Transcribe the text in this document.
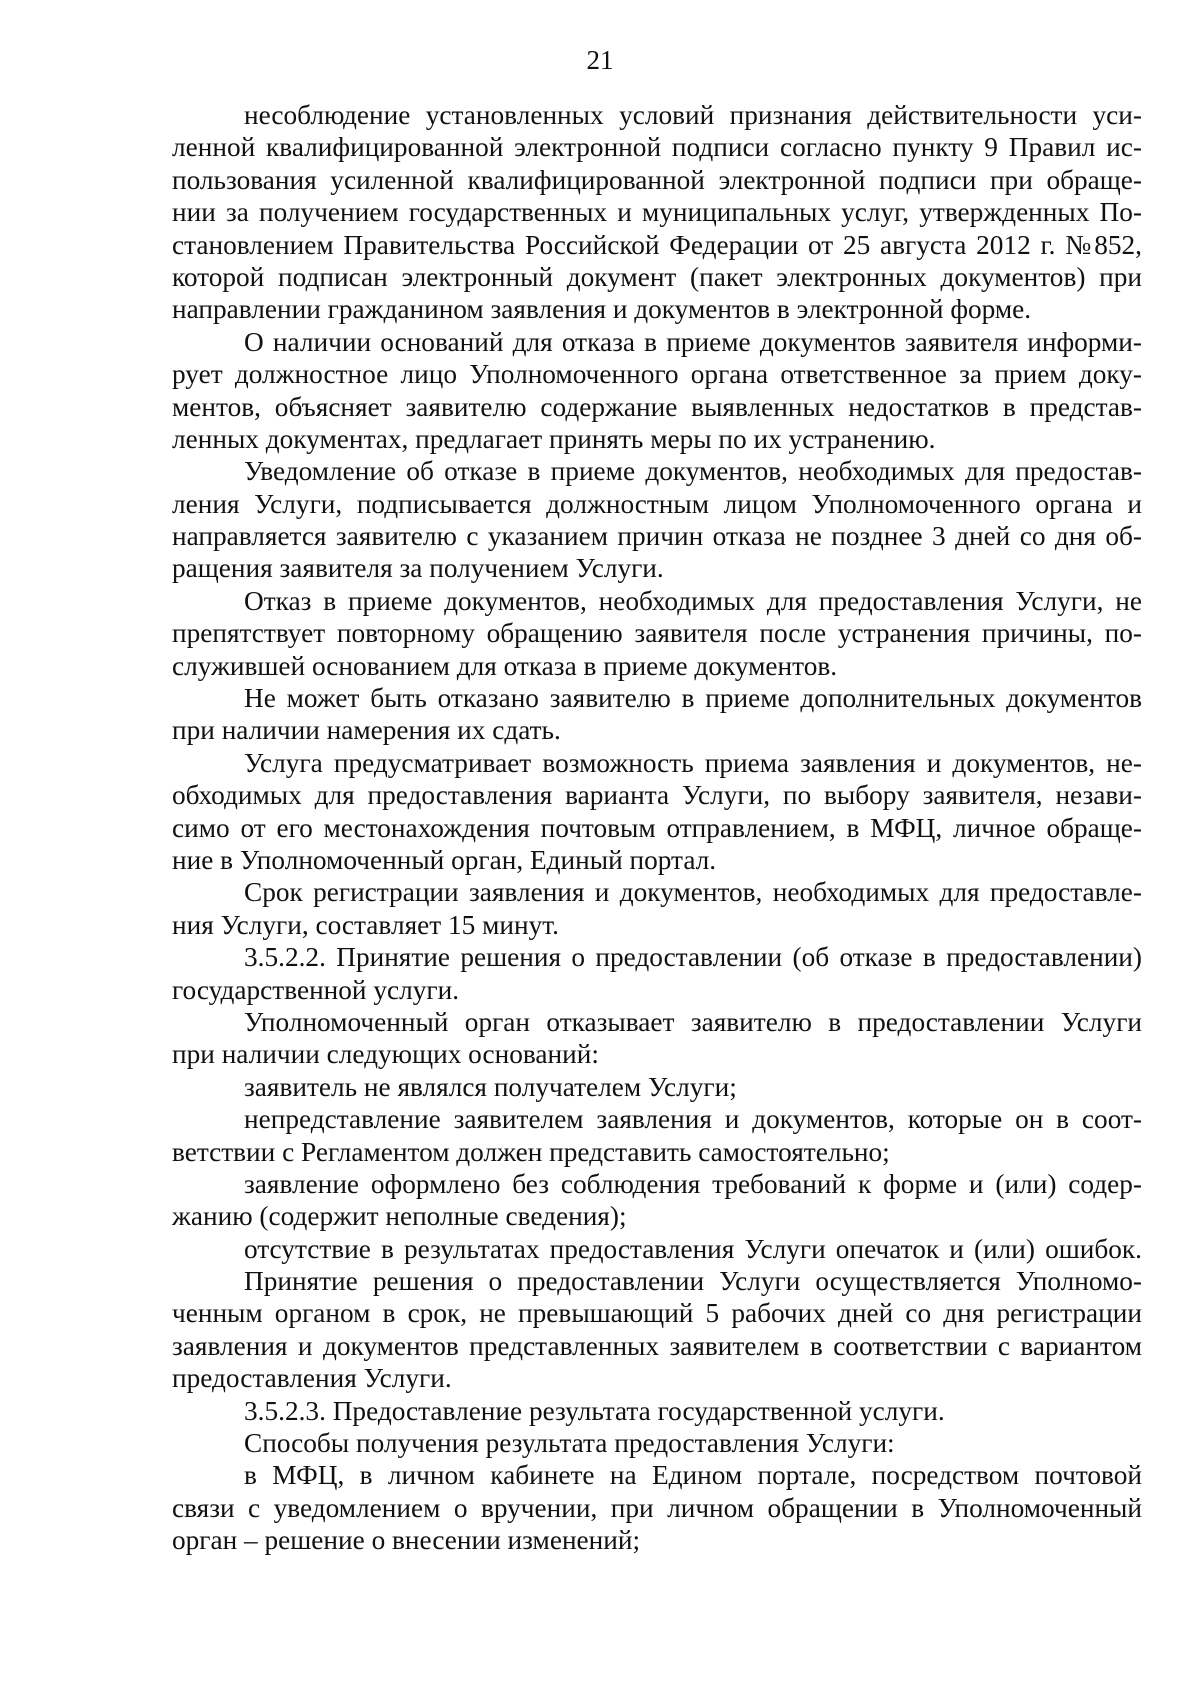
21
несоблюдение установленных условий признания действительности уси-
ленной квалифицированной электронной подписи согласно пункту 9 Правил ис-
пользования усиленной квалифицированной электронной подписи при обраще-
нии за получением государственных и муниципальных услуг, утвержденных По-
становлением Правительства Российской Федерации от 25 августа 2012 г. №852,
которой подписан электронный документ (пакет электронных документов) при
направлении гражданином заявления и документов в электронной форме.
О наличии оснований для отказа в приеме документов заявителя информи-
рует должностное лицо Уполномоченного органа ответственное за прием доку-
ментов, объясняет заявителю содержание выявленных недостатков в представ-
ленных документах, предлагает принять меры по их устранению.
Уведомление об отказе в приеме документов, необходимых для предостав-
ления Услуги, подписывается должностным лицом Уполномоченного органа и
направляется заявителю с указанием причин отказа не позднее 3 дней со дня об-
ращения заявителя за получением Услуги.
Отказ в приеме документов, необходимых для предоставления Услуги, не
препятствует повторному обращению заявителя после устранения причины, по-
служившей основанием для отказа в приеме документов.
Не может быть отказано заявителю в приеме дополнительных документов
при наличии намерения их сдать.
Услуга предусматривает возможность приема заявления и документов, не-
обходимых для предоставления варианта Услуги, по выбору заявителя, незави-
симо от его местонахождения почтовым отправлением, в МФЦ, личное обраще-
ние в Уполномоченный орган, Единый портал.
Срок регистрации заявления и документов, необходимых для предоставле-
ния Услуги, составляет 15 минут.
3.5.2.2. Принятие решения о предоставлении (об отказе в предоставлении)
государственной услуги.
Уполномоченный орган отказывает заявителю в предоставлении Услуги
при наличии следующих оснований:
заявитель не являлся получателем Услуги;
непредставление заявителем заявления и документов, которые он в соот-
ветствии с Регламентом должен представить самостоятельно;
заявление оформлено без соблюдения требований к форме и (или) содер-
жанию (содержит неполные сведения);
отсутствие в результатах предоставления Услуги опечаток и (или) ошибок.
Принятие решения о предоставлении Услуги осуществляется Уполномо-
ченным органом в срок, не превышающий 5 рабочих дней со дня регистрации
заявления и документов представленных заявителем в соответствии с вариантом
предоставления Услуги.
3.5.2.3. Предоставление результата государственной услуги.
Способы получения результата предоставления Услуги:
в МФЦ, в личном кабинете на Едином портале, посредством почтовой
связи с уведомлением о вручении, при личном обращении в Уполномоченный
орган – решение о внесении изменений;
